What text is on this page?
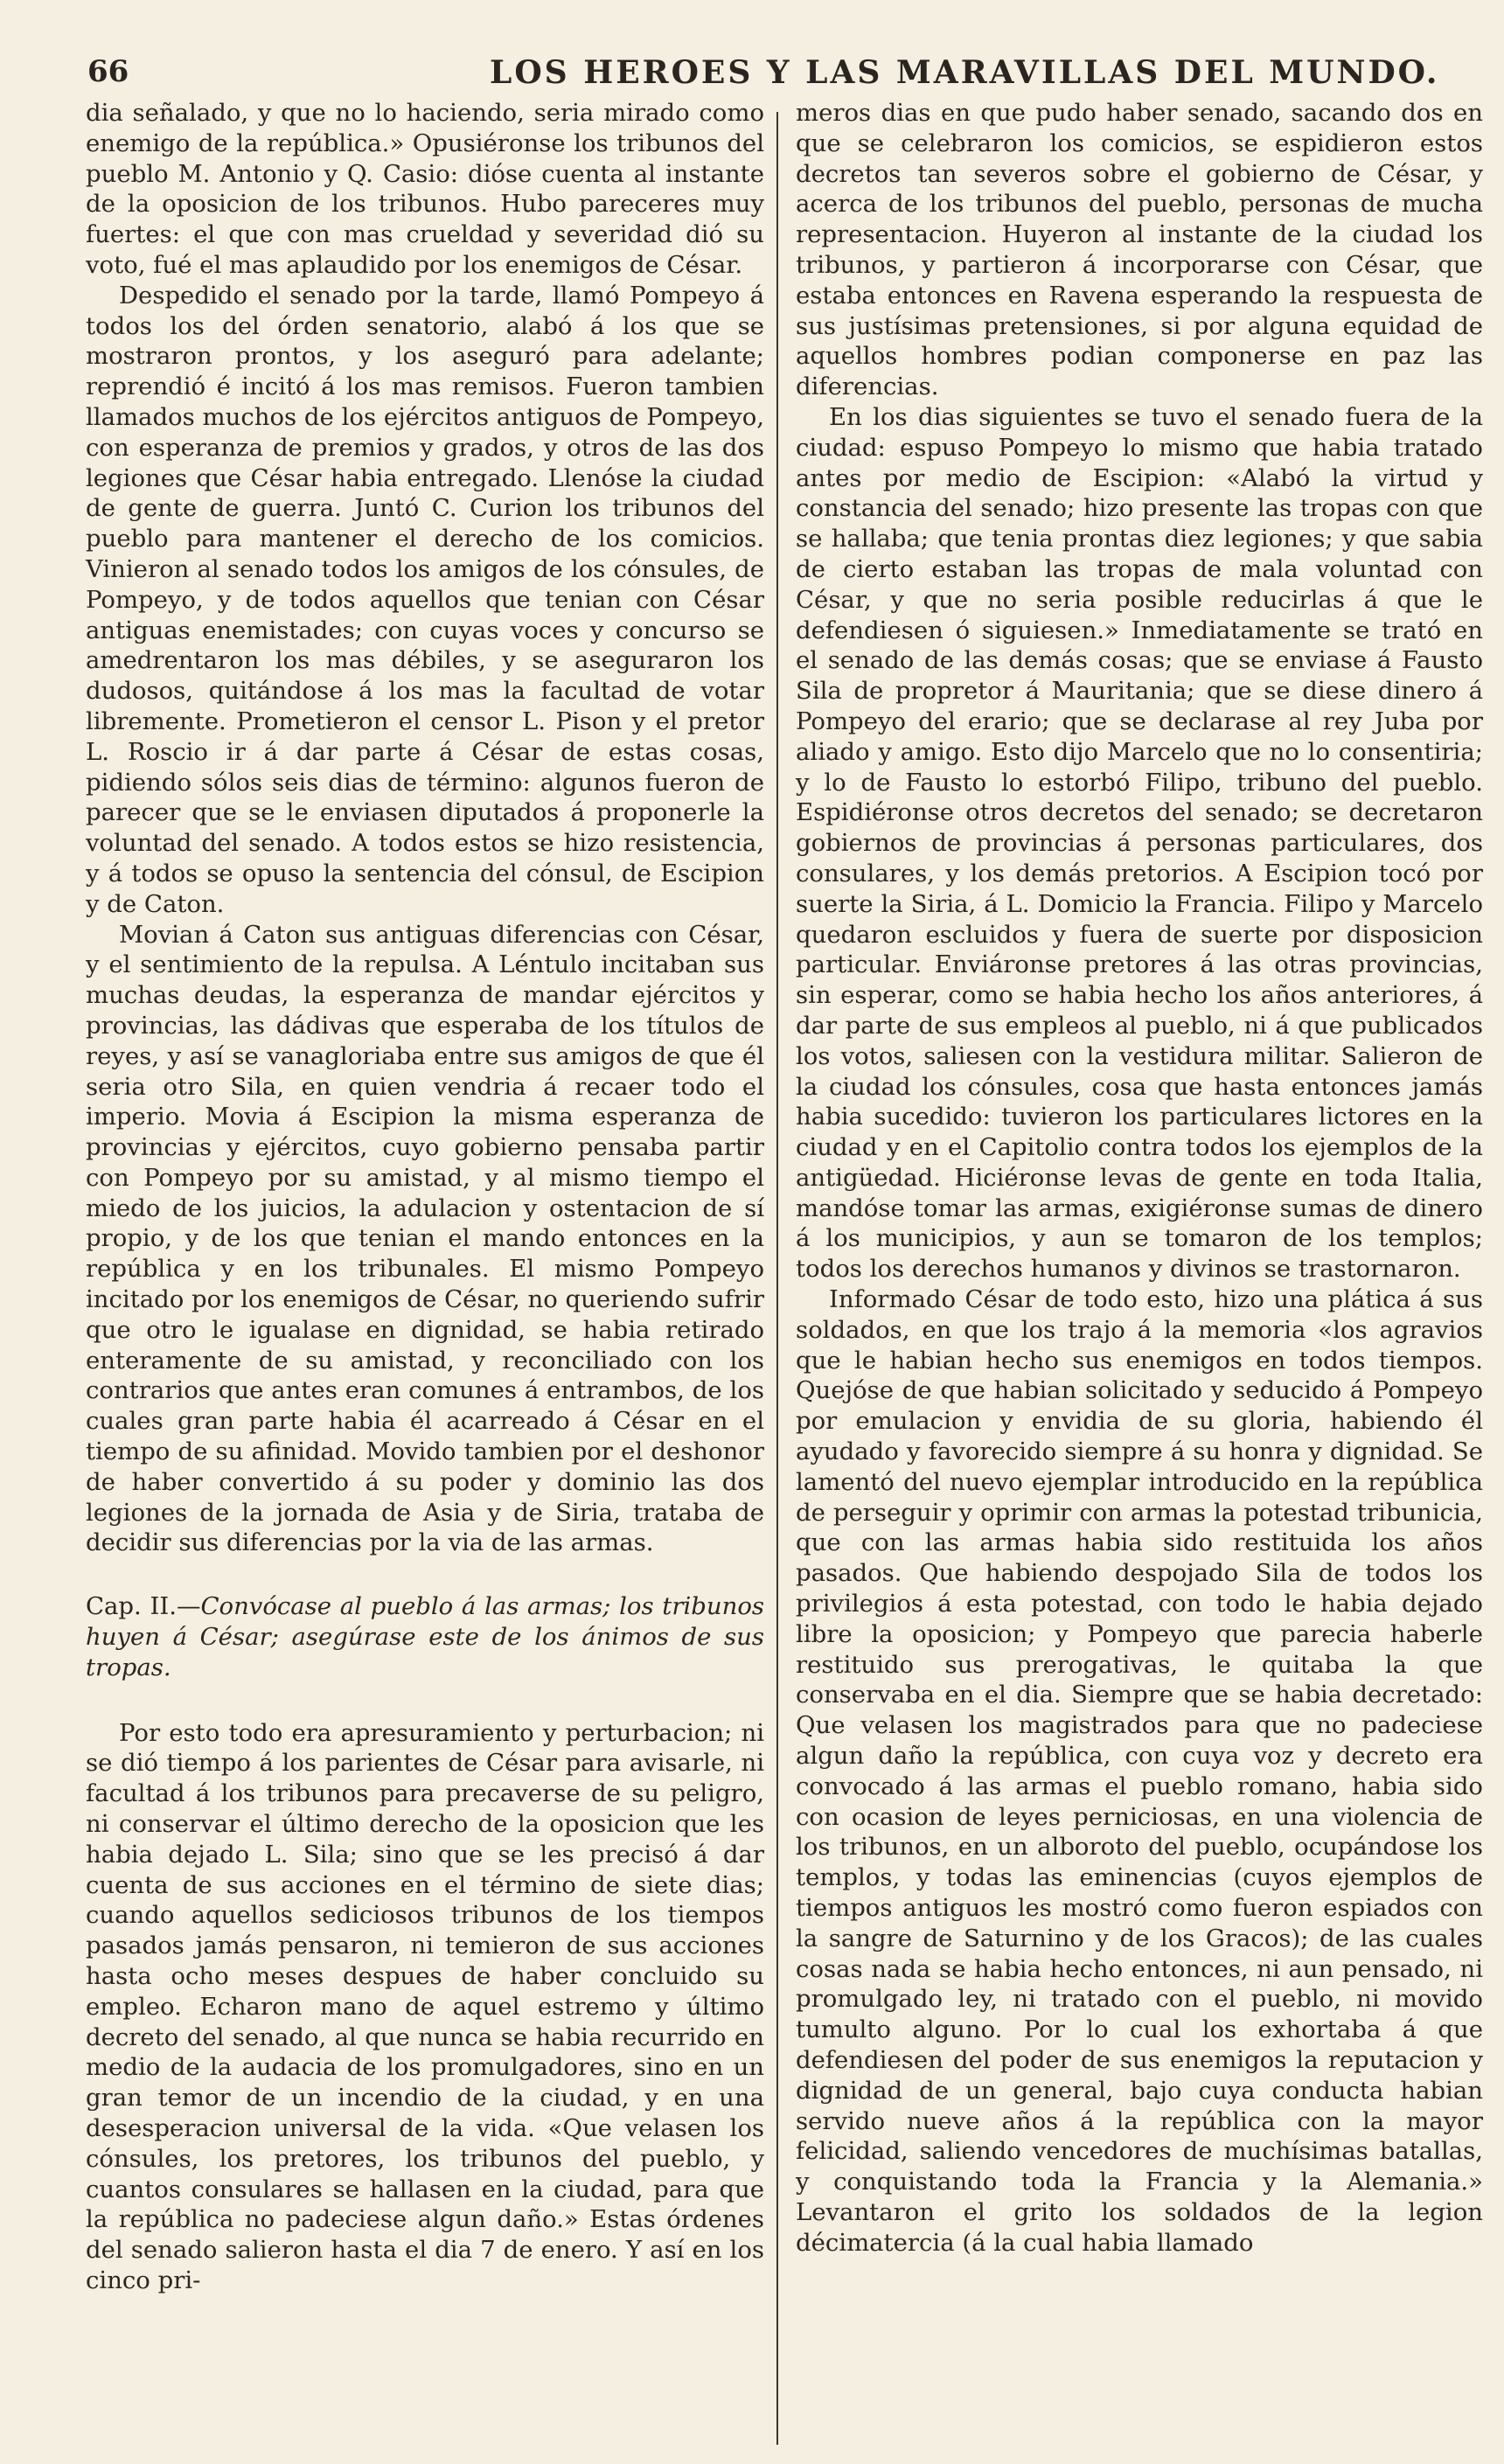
66	LOS HEROES Y LAS MARAVILLAS DEL MUNDO.

dia señalado, y que no lo haciendo, seria mirado como enemigo de la república.» Opusiéronse los tribunos del pueblo M. Antonio y Q. Casio: dióse cuenta al instante de la oposicion de los tribunos. Hubo pareceres muy fuertes: el que con mas crueldad y severidad dió su voto, fué el mas aplaudido por los enemigos de César.

Despedido el senado por la tarde, llamó Pompeyo á todos los del órden senatorio, alabó á los que se mostraron prontos, y los aseguró para adelante; reprendió é incitó á los mas remisos. Fueron tambien llamados muchos de los ejércitos antiguos de Pompeyo, con esperanza de premios y grados, y otros de las dos legiones que César habia entregado. Llenóse la ciudad de gente de guerra. Juntó C. Curion los tribunos del pueblo para mantener el derecho de los comicios. Vinieron al senado todos los amigos de los cónsules, de Pompeyo, y de todos aquellos que tenian con César antiguas enemistades; con cuyas voces y concurso se amedrentaron los mas débiles, y se aseguraron los dudosos, quitándose á los mas la facultad de votar libremente. Prometieron el censor L. Pison y el pretor L. Roscio ir á dar parte á César de estas cosas, pidiendo sólos seis dias de término: algunos fueron de parecer que se le enviasen diputados á proponerle la voluntad del senado. A todos estos se hizo resistencia, y á todos se opuso la sentencia del cónsul, de Escipion y de Caton.

Movian á Caton sus antiguas diferencias con César, y el sentimiento de la repulsa. A Léntulo incitaban sus muchas deudas, la esperanza de mandar ejércitos y provincias, las dádivas que esperaba de los títulos de reyes, y así se vanagloriaba entre sus amigos de que él seria otro Sila, en quien vendria á recaer todo el imperio. Movia á Escipion la misma esperanza de provincias y ejércitos, cuyo gobierno pensaba partir con Pompeyo por su amistad, y al mismo tiempo el miedo de los juicios, la adulacion y ostentacion de sí propio, y de los que tenian el mando entonces en la república y en los tribunales. El mismo Pompeyo incitado por los enemigos de César, no queriendo sufrir que otro le igualase en dignidad, se habia retirado enteramente de su amistad, y reconciliado con los contrarios que antes eran comunes á entrambos, de los cuales gran parte habia él acarreado á César en el tiempo de su afinidad. Movido tambien por el deshonor de haber convertido á su poder y dominio las dos legiones de la jornada de Asia y de Siria, trataba de decidir sus diferencias por la via de las armas.

Cap. II.—Convócase al pueblo á las armas; los tribunos huyen á César; asegúrase este de los ánimos de sus tropas.

Por esto todo era apresuramiento y perturbacion; ni se dió tiempo á los parientes de César para avisarle, ni facultad á los tribunos para precaverse de su peligro, ni conservar el último derecho de la oposicion que les habia dejado L. Sila; sino que se les precisó á dar cuenta de sus acciones en el término de siete dias; cuando aquellos sediciosos tribunos de los tiempos pasados jamás pensaron, ni temieron de sus acciones hasta ocho meses despues de haber concluido su empleo. Echaron mano de aquel estremo y último decreto del senado, al que nunca se habia recurrido en medio de la audacia de los promulgadores, sino en un gran temor de un incendio de la ciudad, y en una desesperacion universal de la vida. «Que velasen los cónsules, los pretores, los tribunos del pueblo, y cuantos consulares se hallasen en la ciudad, para que la república no padeciese algun daño.» Estas órdenes del senado salieron hasta el dia 7 de enero. Y así en los cinco pri-

meros dias en que pudo haber senado, sacando dos en que se celebraron los comicios, se espidieron estos decretos tan severos sobre el gobierno de César, y acerca de los tribunos del pueblo, personas de mucha representacion. Huyeron al instante de la ciudad los tribunos, y partieron á incorporarse con César, que estaba entonces en Ravena esperando la respuesta de sus justísimas pretensiones, si por alguna equidad de aquellos hombres podian componerse en paz las diferencias.

En los dias siguientes se tuvo el senado fuera de la ciudad: espuso Pompeyo lo mismo que habia tratado antes por medio de Escipion: «Alabó la virtud y constancia del senado; hizo presente las tropas con que se hallaba; que tenia prontas diez legiones; y que sabia de cierto estaban las tropas de mala voluntad con César, y que no seria posible reducirlas á que le defendiesen ó siguiesen.» Inmediatamente se trató en el senado de las demás cosas; que se enviase á Fausto Sila de propretor á Mauritania; que se diese dinero á Pompeyo del erario; que se declarase al rey Juba por aliado y amigo. Esto dijo Marcelo que no lo consentiria; y lo de Fausto lo estorbó Filipo, tribuno del pueblo. Espidiéronse otros decretos del senado; se decretaron gobiernos de provincias á personas particulares, dos consulares, y los demás pretorios. A Escipion tocó por suerte la Siria, á L. Domicio la Francia. Filipo y Marcelo quedaron escluidos y fuera de suerte por disposicion particular. Enviáronse pretores á las otras provincias, sin esperar, como se habia hecho los años anteriores, á dar parte de sus empleos al pueblo, ni á que publicados los votos, saliesen con la vestidura militar. Salieron de la ciudad los cónsules, cosa que hasta entonces jamás habia sucedido: tuvieron los particulares lictores en la ciudad y en el Capitolio contra todos los ejemplos de la antigüedad. Hiciéronse levas de gente en toda Italia, mandóse tomar las armas, exigiéronse sumas de dinero á los municipios, y aun se tomaron de los templos; todos los derechos humanos y divinos se trastornaron.

Informado César de todo esto, hizo una plática á sus soldados, en que los trajo á la memoria «los agravios que le habian hecho sus enemigos en todos tiempos. Quejóse de que habian solicitado y seducido á Pompeyo por emulacion y envidia de su gloria, habiendo él ayudado y favorecido siempre á su honra y dignidad. Se lamentó del nuevo ejemplar introducido en la república de perseguir y oprimir con armas la potestad tribunicia, que con las armas habia sido restituida los años pasados. Que habiendo despojado Sila de todos los privilegios á esta potestad, con todo le habia dejado libre la oposicion; y Pompeyo que parecia haberle restituido sus prerogativas, le quitaba la que conservaba en el dia. Siempre que se habia decretado: Que velasen los magistrados para que no padeciese algun daño la república, con cuya voz y decreto era convocado á las armas el pueblo romano, habia sido con ocasion de leyes perniciosas, en una violencia de los tribunos, en un alboroto del pueblo, ocupándose los templos, y todas las eminencias (cuyos ejemplos de tiempos antiguos les mostró como fueron espiados con la sangre de Saturnino y de los Gracos); de las cuales cosas nada se habia hecho entonces, ni aun pensado, ni promulgado ley, ni tratado con el pueblo, ni movido tumulto alguno. Por lo cual los exhortaba á que defendiesen del poder de sus enemigos la reputacion y dignidad de un general, bajo cuya conducta habian servido nueve años á la república con la mayor felicidad, saliendo vencedores de muchísimas batallas, y conquistando toda la Francia y la Alemania.» Levantaron el grito los soldados de la legion décimatercia (á la cual habia llamado
